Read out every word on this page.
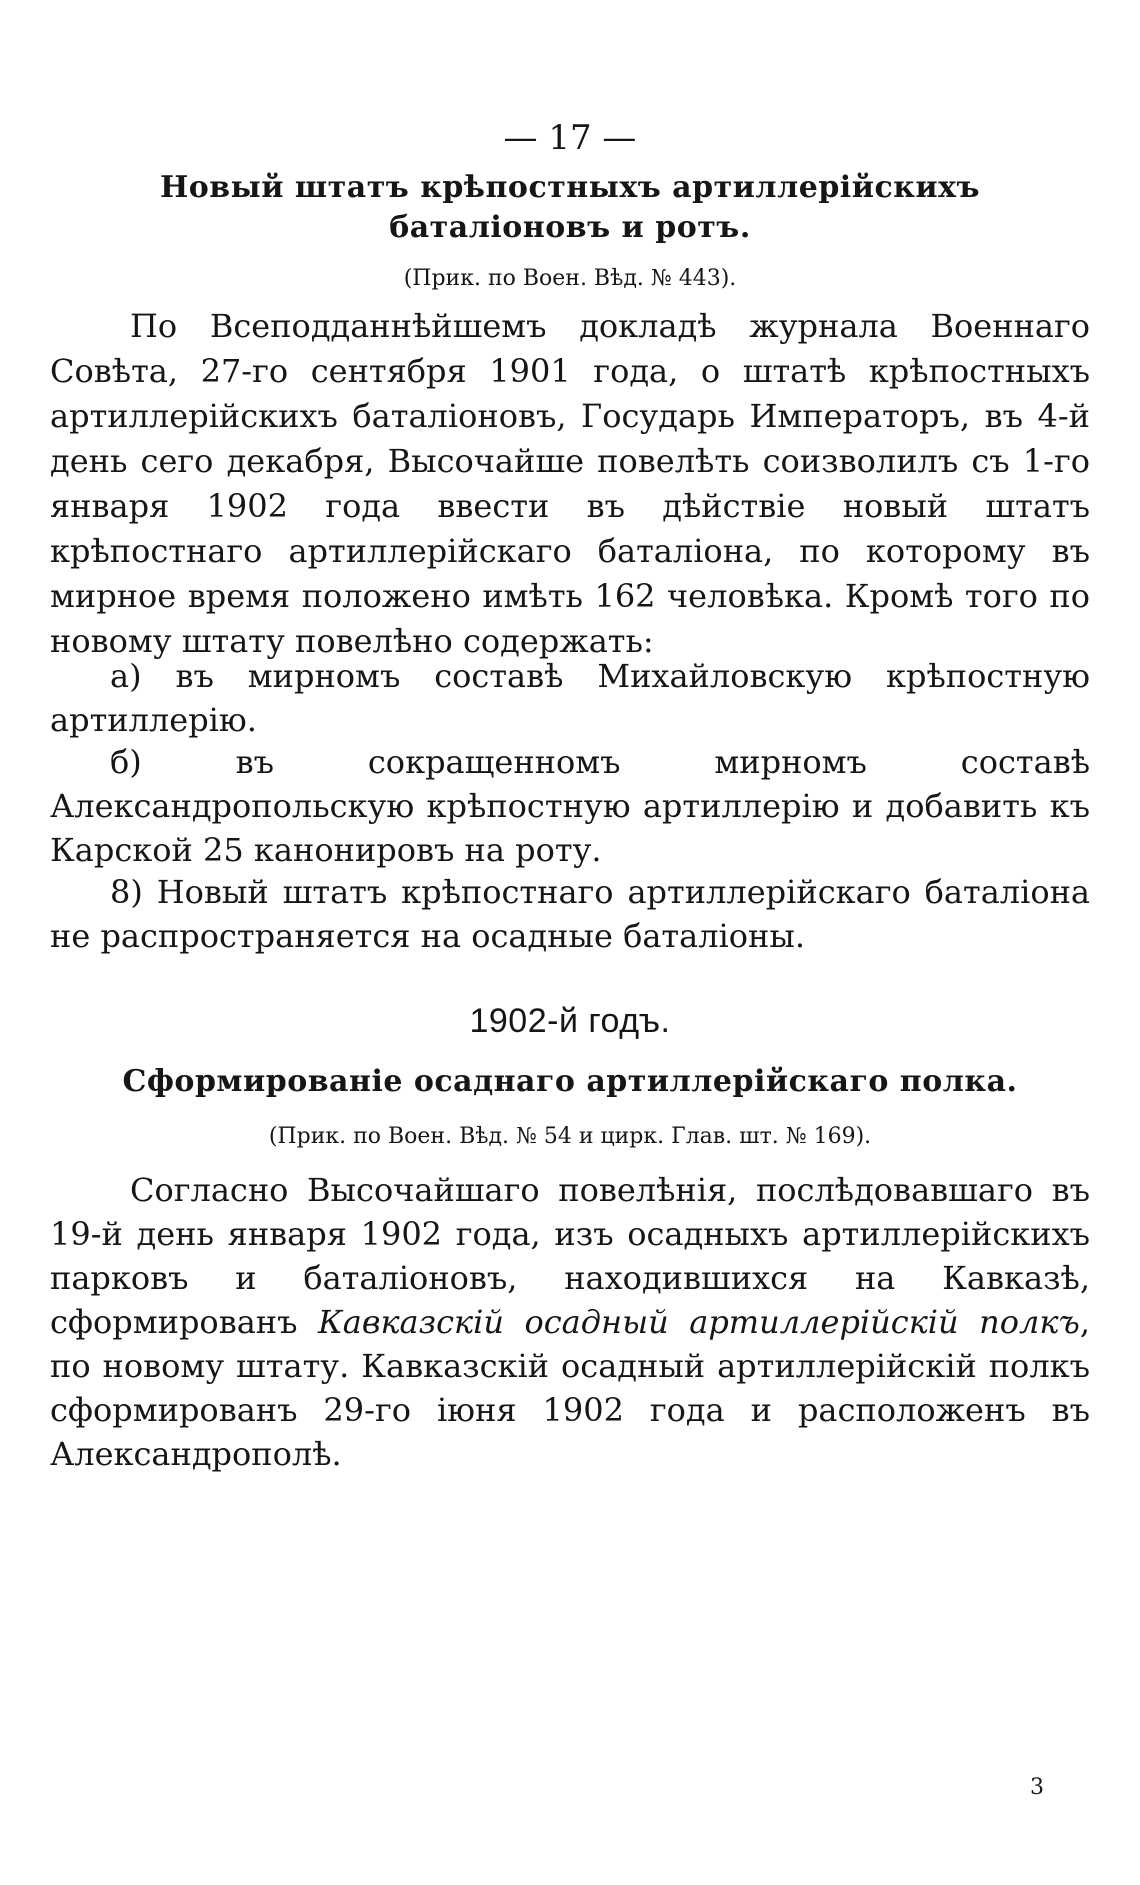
— 17 —
Новый штатъ крѣпостныхъ артиллерійскихъ баталіоновъ и ротъ.
(Прик. по Воен. Вѣд. № 443).

По Всеподданнѣйшемъ докладѣ журнала Военнаго Совѣта, 27-го сентября 1901 года, о штатѣ крѣпостныхъ артиллерійскихъ баталіоновъ, Государь Императоръ, въ 4-й день сего декабря, Высочайше повелѣть соизволилъ съ 1-го января 1902 года ввести въ дѣйствіе новый штатъ крѣпостнаго артиллерійскаго баталіона, по которому въ мирное время положено имѣть 162 человѣка. Кромѣ того по новому штату повелѣно содержать:

а) въ мирномъ составѣ Михайловскую крѣпостную артиллерію.

б) въ сокращенномъ мирномъ составѣ Александропольскую крѣпостную артиллерію и добавить къ Карской 25 канонировъ на роту.

8) Новый штатъ крѣпостнаго артиллерійскаго баталіона не распространяется на осадные баталіоны.

1902-й годъ.
Сформированіе осаднаго артиллерійскаго полка.
(Прик. по Воен. Вѣд. № 54 и цирк. Глав. шт. № 169).

Согласно Высочайшаго повелѣнія, послѣдовавшаго въ 19-й день января 1902 года, изъ осадныхъ артиллерійскихъ парковъ и баталіоновъ, находившихся на Кавказѣ, сформированъ Кавказскій осадный артиллерійскій полкъ, по новому штату. Кавказскій осадный артиллерійскій полкъ сформированъ 29-го іюня 1902 года и расположенъ въ Александрополѣ.

3
